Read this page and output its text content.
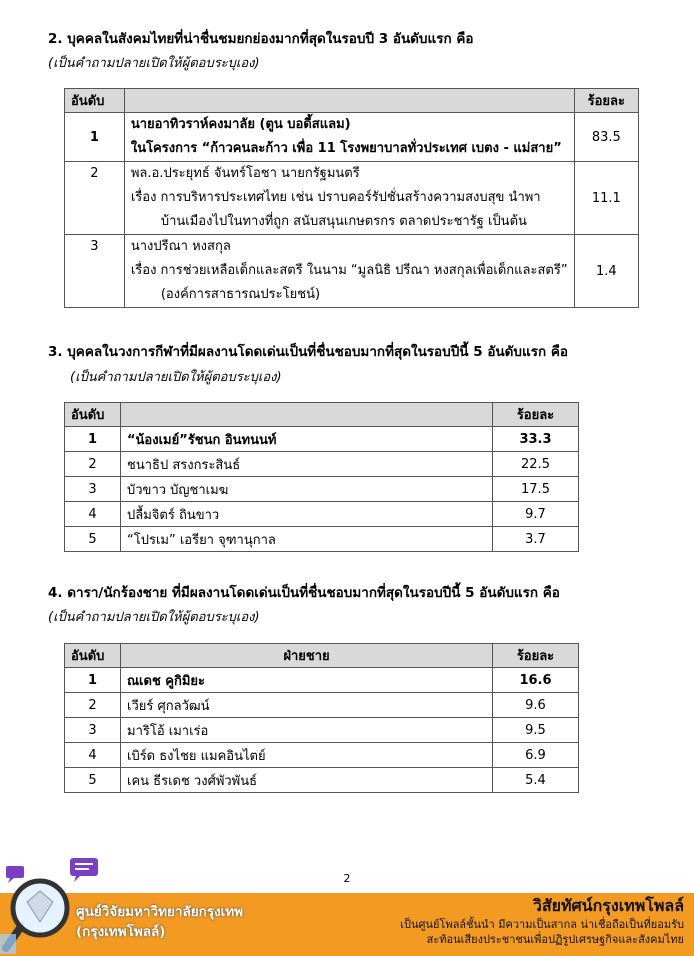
2. บุคคลในสังคมไทยที่น่าชื่นชมยกย่องมากที่สุดในรอบปี 3 อันดับแรก คือ
(เป็นคำถามปลายเปิดให้ผู้ตอบระบุเอง)
อันดับ		ร้อยละ
1	นายอาทิวราห์คงมาลัย (ตูน บอดี้สแลม)
ในโครงการ “ก้าวคนละก้าว เพื่อ 11 โรงพยาบาลทั่วประเทศ เบตง - แม่สาย”	83.5
2	พล.อ.ประยุทธ์ จันทร์โอชา นายกรัฐมนตรี
เรื่อง การบริหารประเทศไทย เช่น ปราบคอร์รัปชั่นสร้างความสงบสุข นำพา
บ้านเมืองไปในทางที่ถูก สนับสนุนเกษตรกร ตลาดประชารัฐ เป็นต้น	11.1
3	นางปรีณา หงสกุล
เรื่อง การช่วยเหลือเด็กและสตรี ในนาม “มูลนิธิ ปรีณา หงสกุลเพื่อเด็กและสตรี”
(องค์การสาธารณประโยชน์)	1.4
3. บุคคลในวงการกีฬาที่มีผลงานโดดเด่นเป็นที่ชื่นชอบมากที่สุดในรอบปีนี้ 5 อันดับแรก คือ
(เป็นคำถามปลายเปิดให้ผู้ตอบระบุเอง)
อันดับ		ร้อยละ
1	“น้องเมย์”รัชนก อินทนนท์	33.3
2	ชนาธิป สรงกระสินธ์	22.5
3	บัวขาว บัญชาเมฆ	17.5
4	ปลื้มจิตร์ ถินขาว	9.7
5	“โปรเม” เอรียา จุฑานุกาล	3.7
4. ดารา/นักร้องชาย ที่มีผลงานโดดเด่นเป็นที่ชื่นชอบมากที่สุดในรอบปีนี้ 5 อันดับแรก คือ
(เป็นคำถามปลายเปิดให้ผู้ตอบระบุเอง)
อันดับ	ฝ่ายชาย	ร้อยละ
1	ณเดช คูกิมิยะ	16.6
2	เวียร์ ศุกลวัฒน์	9.6
3	มาริโอ้ เมาเร่อ	9.5
4	เบิร์ด ธงไชย แมคอินไตย์	6.9
5	เคน ธีรเดช วงศ์พัวพันธ์	5.4
2
ศูนย์วิจัยมหาวิทยาลัยกรุงเทพ
(กรุงเทพโพลล์)
วิสัยทัศน์กรุงเทพโพลล์
เป็นศูนย์โพลล์ชั้นนำ มีความเป็นสากล น่าเชื่อถือเป็นที่ยอมรับ
สะท้อนเสียงประชาชนเพื่อปฏิรูปเศรษฐกิจและสังคมไทย
